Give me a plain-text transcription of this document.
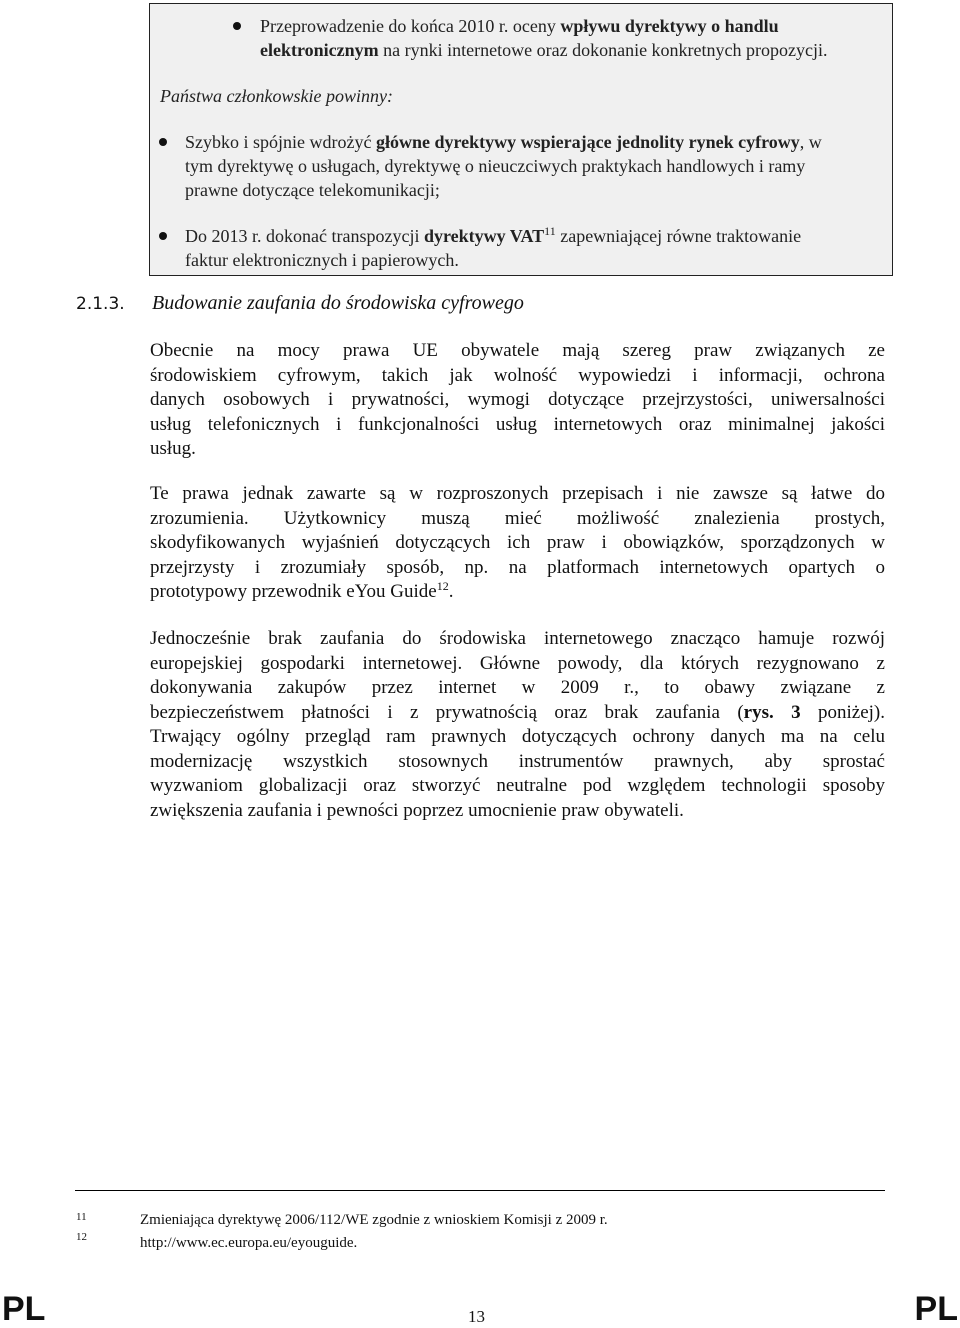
Przeprowadzenie do końca 2010 r. oceny wpływu dyrektywy o handlu
elektronicznym na rynki internetowe oraz dokonanie konkretnych propozycji.
Państwa członkowskie powinny:
Szybko i spójnie wdrożyć główne dyrektywy wspierające jednolity rynek cyfrowy, w
tym dyrektywę o usługach, dyrektywę o nieuczciwych praktykach handlowych i ramy
prawne dotyczące telekomunikacji;
Do 2013 r. dokonać transpozycji dyrektywy VAT$^{11}$ zapewniającej równe traktowanie
faktur elektronicznych i papierowych.
2.1.3. Budowanie zaufania do środowiska cyfrowego
Obecnie na mocy prawa UE obywatele mają szereg praw związanych ze
środowiskiem cyfrowym, takich jak wolność wypowiedzi i informacji, ochrona
danych osobowych i prywatności, wymogi dotyczące przejrzystości, uniwersalności
usług telefonicznych i funkcjonalności usług internetowych oraz minimalnej jakości
usług.
Te prawa jednak zawarte są w rozproszonych przepisach i nie zawsze są łatwe do
zrozumienia. Użytkownicy muszą mieć możliwość znalezienia prostych,
skodyfikowanych wyjaśnień dotyczących ich praw i obowiązków, sporządzonych w
przejrzysty i zrozumiały sposób, np. na platformach internetowych opartych o
prototypowy przewodnik eYou Guide$^{12}$.
Jednocześnie brak zaufania do środowiska internetowego znacząco hamuje rozwój
europejskiej gospodarki internetowej. Główne powody, dla których rezygnowano z
dokonywania zakupów przez internet w 2009 r., to obawy związane z
bezpieczeństwem płatności i z prywatnością oraz brak zaufania (rys. 3 poniżej).
Trwający ogólny przegląd ram prawnych dotyczących ochrony danych ma na celu
modernizację wszystkich stosownych instrumentów prawnych, aby sprostać
wyzwaniom globalizacji oraz stworzyć neutralne pod względem technologii sposoby
zwiększenia zaufania i pewności poprzez umocnienie praw obywateli.
11
12
Zmieniająca dyrektywę 2006/112/WE zgodnie z wnioskiem Komisji z 2009 r.
http://www.ec.europa.eu/eyouguide.
PL	13	PL
